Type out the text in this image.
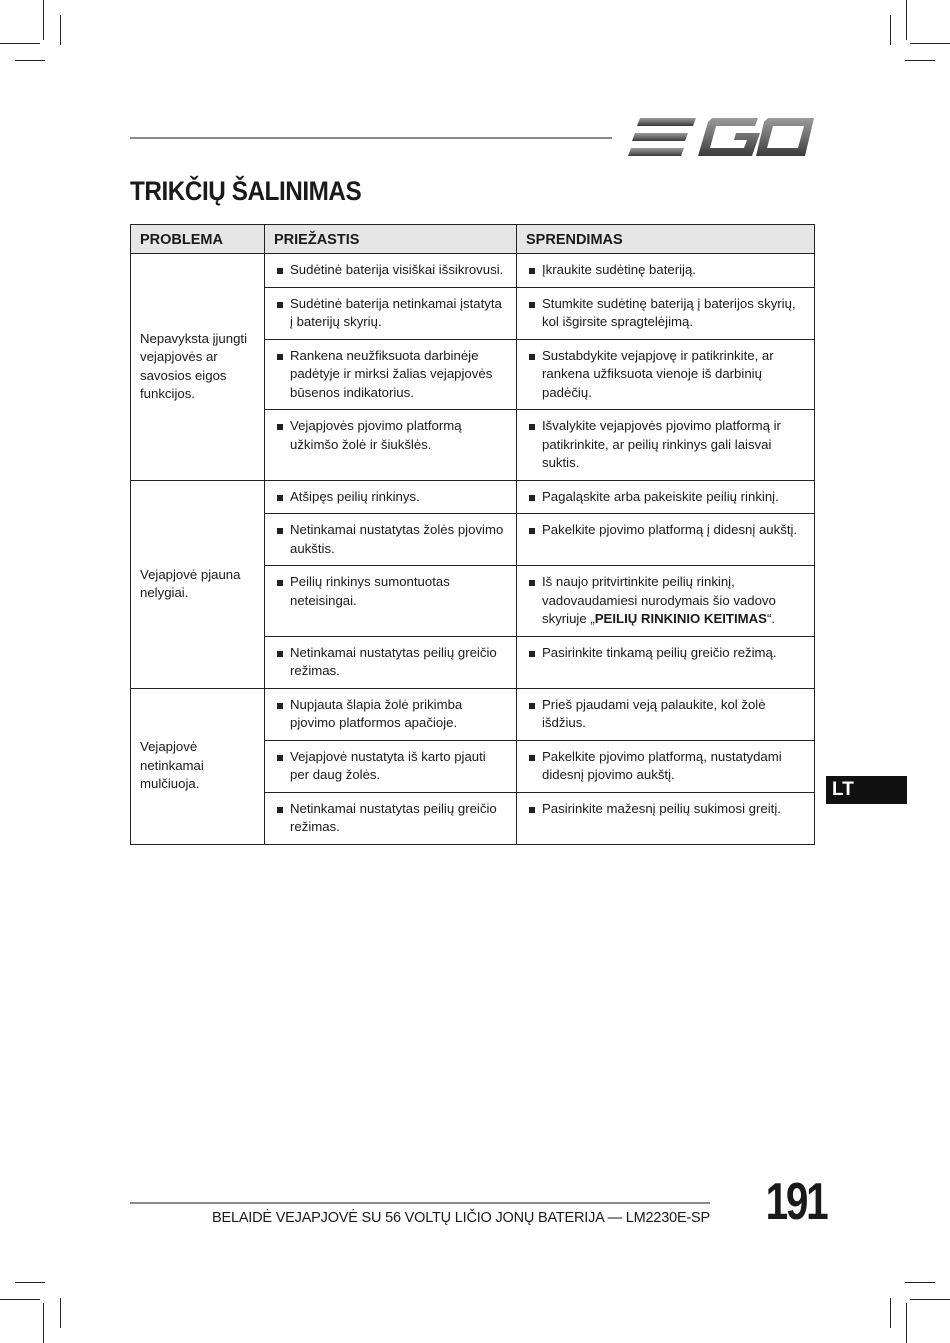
TRIKČIŲ ŠALINIMAS
PROBLEMA	PRIEŽASTIS	SPRENDIMAS
Nepavyksta įjungti vejapjovės ar savosios eigos funkcijos.	Sudėtinė baterija visiškai išsikrovusi.	Įkraukite sudėtinę bateriją.

	Sudėtinė baterija netinkamai įstatyta į baterijų skyrių.	Stumkite sudėtinę bateriją į baterijos skyrių, kol išgirsite spragtelėjimą.

	Rankena neužfiksuota darbinėje padėtyje ir mirksi žalias vejapjovės būsenos indikatorius.	Sustabdykite vejapjovę ir patikrinkite, ar rankena užfiksuota vienoje iš darbinių padėčių.

	Vejapjovės pjovimo platformą užkimšo žolė ir šiukšlės.	Išvalykite vejapjovės pjovimo platformą ir patikrinkite, ar peilių rinkinys gali laisvai suktis.

Vejapjovė pjauna nelygiai.	Atšipęs peilių rinkinys.	Pagaląskite arba pakeiskite peilių rinkinį.

	Netinkamai nustatytas žolės pjovimo aukštis.	Pakelkite pjovimo platformą į didesnį aukštį.

	Peilių rinkinys sumontuotas neteisingai.	Iš naujo pritvirtinkite peilių rinkinį, vadovaudamiesi nurodymais šio vadovo skyriuje „PEILIŲ RINKINIO KEITIMAS“.

	Netinkamai nustatytas peilių greičio režimas.	Pasirinkite tinkamą peilių greičio režimą.

Vejapjovė netinkamai mulčiuoja.	Nupjauta šlapia žolė prikimba pjovimo platformos apačioje.	Prieš pjaudami veją palaukite, kol žolė išdžius.

	Vejapjovė nustatyta iš karto pjauti per daug žolės.	Pakelkite pjovimo platformą, nustatydami didesnį pjovimo aukštį.

	Netinkamai nustatytas peilių greičio režimas.	Pasirinkite mažesnį peilių sukimosi greitį.
LT
BELAIDĖ VEJAPJOVĖ SU 56 VOLTŲ LIČIO JONŲ BATERIJA — LM2230E-SP 191
